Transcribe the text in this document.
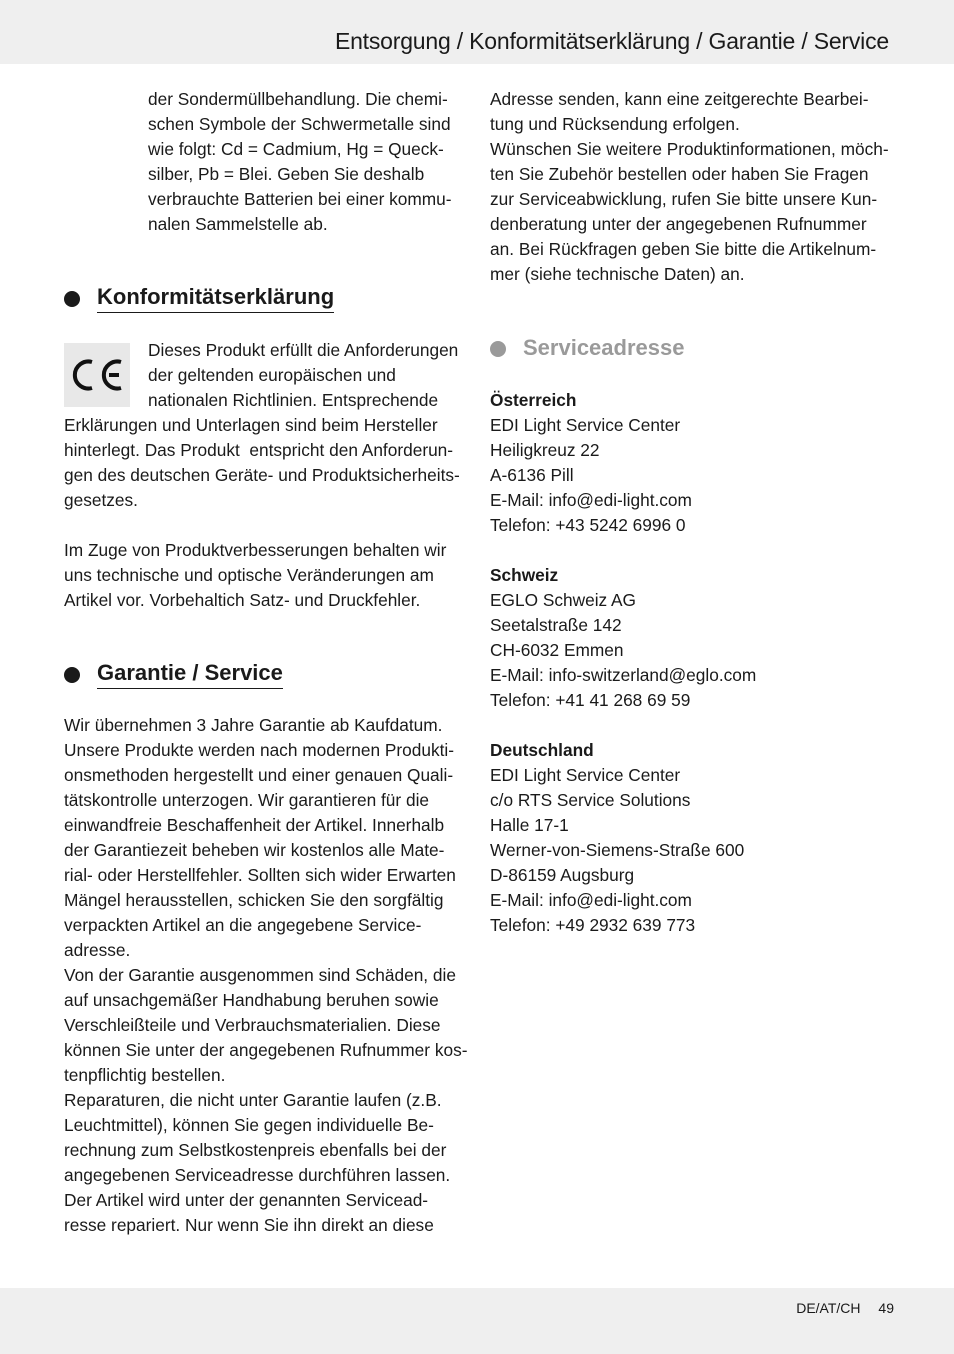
Entsorgung / Konformitätserklärung / Garantie / Service

der Sondermüllbehandlung. Die chemi-
schen Symbole der Schwermetalle sind
wie folgt: Cd = Cadmium, Hg = Queck-
silber, Pb = Blei. Geben Sie deshalb
verbrauchte Batterien bei einer kommu-
nalen Sammelstelle ab.

Konformitätserklärung

Dieses Produkt erfüllt die Anforderungen
der geltenden europäischen und
nationalen Richtlinien. Entsprechende

Erklärungen und Unterlagen sind beim Hersteller
hinterlegt. Das Produkt  entspricht den Anforderun-
gen des deutschen Geräte- und Produktsicherheits-
gesetzes.

Im Zuge von Produktverbesserungen behalten wir
uns technische und optische Veränderungen am
Artikel vor. Vorbehaltich Satz- und Druckfehler.

Garantie / Service

Wir übernehmen 3 Jahre Garantie ab Kaufdatum.
Unsere Produkte werden nach modernen Produkti-
onsmethoden hergestellt und einer genauen Quali-
tätskontrolle unterzogen. Wir garantieren für die
einwandfreie Beschaffenheit der Artikel. Innerhalb
der Garantiezeit beheben wir kostenlos alle Mate-
rial- oder Herstellfehler. Sollten sich wider Erwarten
Mängel herausstellen, schicken Sie den sorgfältig
verpackten Artikel an die angegebene Service-
adresse.
Von der Garantie ausgenommen sind Schäden, die
auf unsachgemäßer Handhabung beruhen sowie
Verschleißteile und Verbrauchsmaterialien. Diese
können Sie unter der angegebenen Rufnummer kos-
tenpflichtig bestellen.
Reparaturen, die nicht unter Garantie laufen (z.B.
Leuchtmittel), können Sie gegen individuelle Be-
rechnung zum Selbstkostenpreis ebenfalls bei der
angegebenen Serviceadresse durchführen lassen.
Der Artikel wird unter der genannten Servicead-
resse repariert. Nur wenn Sie ihn direkt an diese

Adresse senden, kann eine zeitgerechte Bearbei-
tung und Rücksendung erfolgen.
Wünschen Sie weitere Produktinformationen, möch-
ten Sie Zubehör bestellen oder haben Sie Fragen
zur Serviceabwicklung, rufen Sie bitte unsere Kun-
denberatung unter der angegebenen Rufnummer
an. Bei Rückfragen geben Sie bitte die Artikelnum-
mer (siehe technische Daten) an.

Serviceadresse

Österreich

EDI Light Service Center
Heiligkreuz 22
A-6136 Pill
E-Mail: info@edi-light.com
Telefon: +43 5242 6996 0

Schweiz

EGLO Schweiz AG
Seetalstraße 142
CH-6032 Emmen
E-Mail: info-switzerland@eglo.com
Telefon: +41 41 268 69 59

Deutschland

EDI Light Service Center
c/o RTS Service Solutions
Halle 17-1
Werner-von-Siemens-Straße 600
D-86159 Augsburg
E-Mail: info@edi-light.com
Telefon: +49 2932 639 773

DE/AT/CH 49
